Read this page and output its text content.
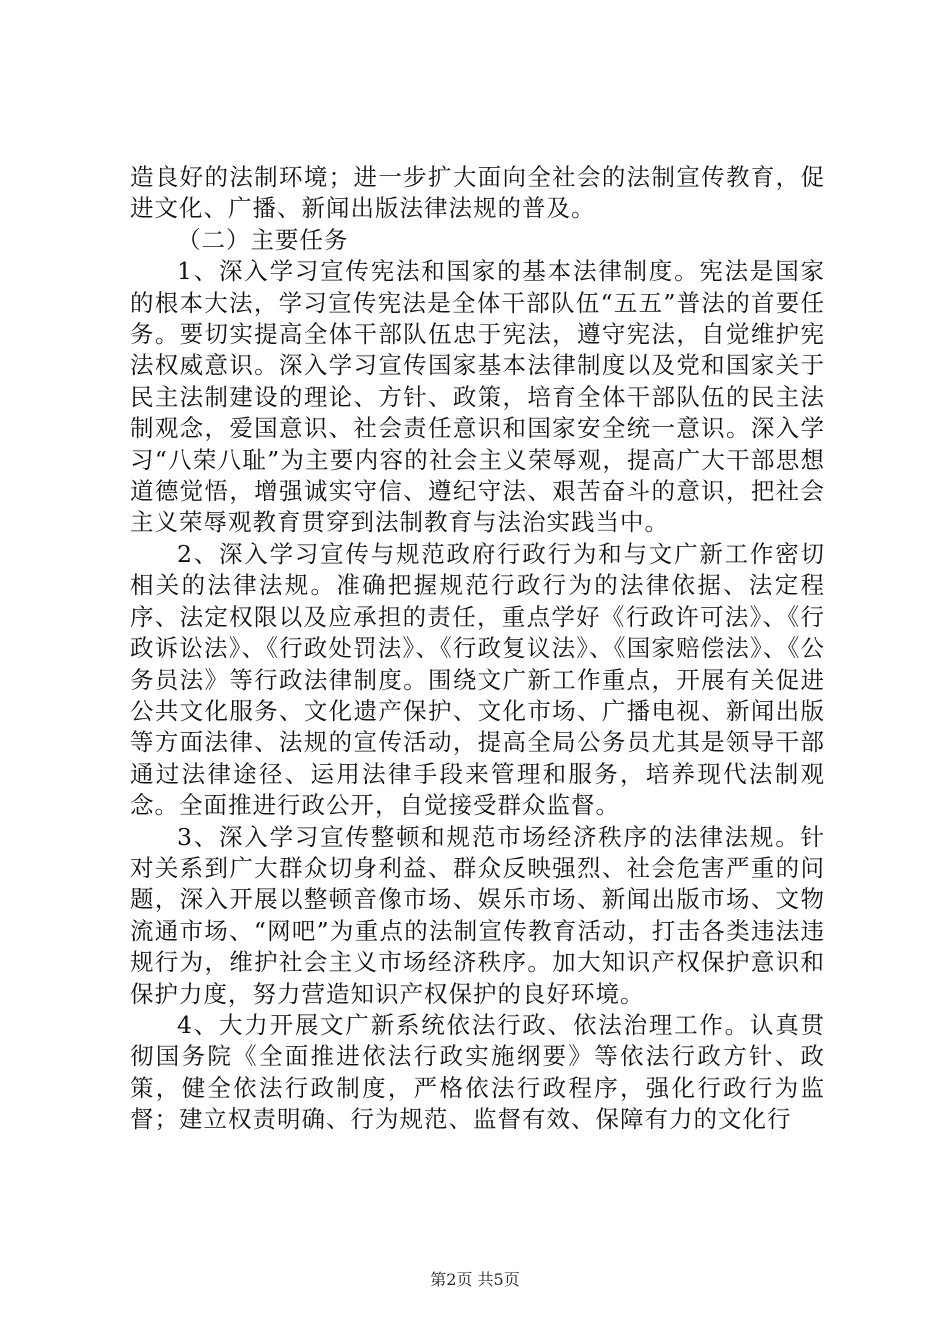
造良好的法制环境；进一步扩大面向全社会的法制宣传教育，促进文化、广播、新闻出版法律法规的普及。

（二）主要任务

1、深入学习宣传宪法和国家的基本法律制度。宪法是国家的根本大法，学习宣传宪法是全体干部队伍“五五”普法的首要任务。要切实提高全体干部队伍忠于宪法，遵守宪法，自觉维护宪法权威意识。深入学习宣传国家基本法律制度以及党和国家关于民主法制建设的理论、方针、政策，培育全体干部队伍的民主法制观念，爱国意识、社会责任意识和国家安全统一意识。深入学习“八荣八耻”为主要内容的社会主义荣辱观，提高广大干部思想道德觉悟，增强诚实守信、遵纪守法、艰苦奋斗的意识，把社会主义荣辱观教育贯穿到法制教育与法治实践当中。

2、深入学习宣传与规范政府行政行为和与文广新工作密切相关的法律法规。准确把握规范行政行为的法律依据、法定程序、法定权限以及应承担的责任，重点学好《行政许可法》、《行政诉讼法》、《行政处罚法》、《行政复议法》、《国家赔偿法》、《公务员法》等行政法律制度。围绕文广新工作重点，开展有关促进公共文化服务、文化遗产保护、文化市场、广播电视、新闻出版等方面法律、法规的宣传活动，提高全局公务员尤其是领导干部通过法律途径、运用法律手段来管理和服务，培养现代法制观念。全面推进行政公开，自觉接受群众监督。

3、深入学习宣传整顿和规范市场经济秩序的法律法规。针对关系到广大群众切身利益、群众反映强烈、社会危害严重的问题，深入开展以整顿音像市场、娱乐市场、新闻出版市场、文物流通市场、“网吧”为重点的法制宣传教育活动，打击各类违法违规行为，维护社会主义市场经济秩序。加大知识产权保护意识和保护力度，努力营造知识产权保护的良好环境。

4、大力开展文广新系统依法行政、依法治理工作。认真贯彻国务院《全面推进依法行政实施纲要》等依法行政方针、政策，健全依法行政制度，严格依法行政程序，强化行政行为监督；建立权责明确、行为规范、监督有效、保障有力的文化行

第2页 共5页
